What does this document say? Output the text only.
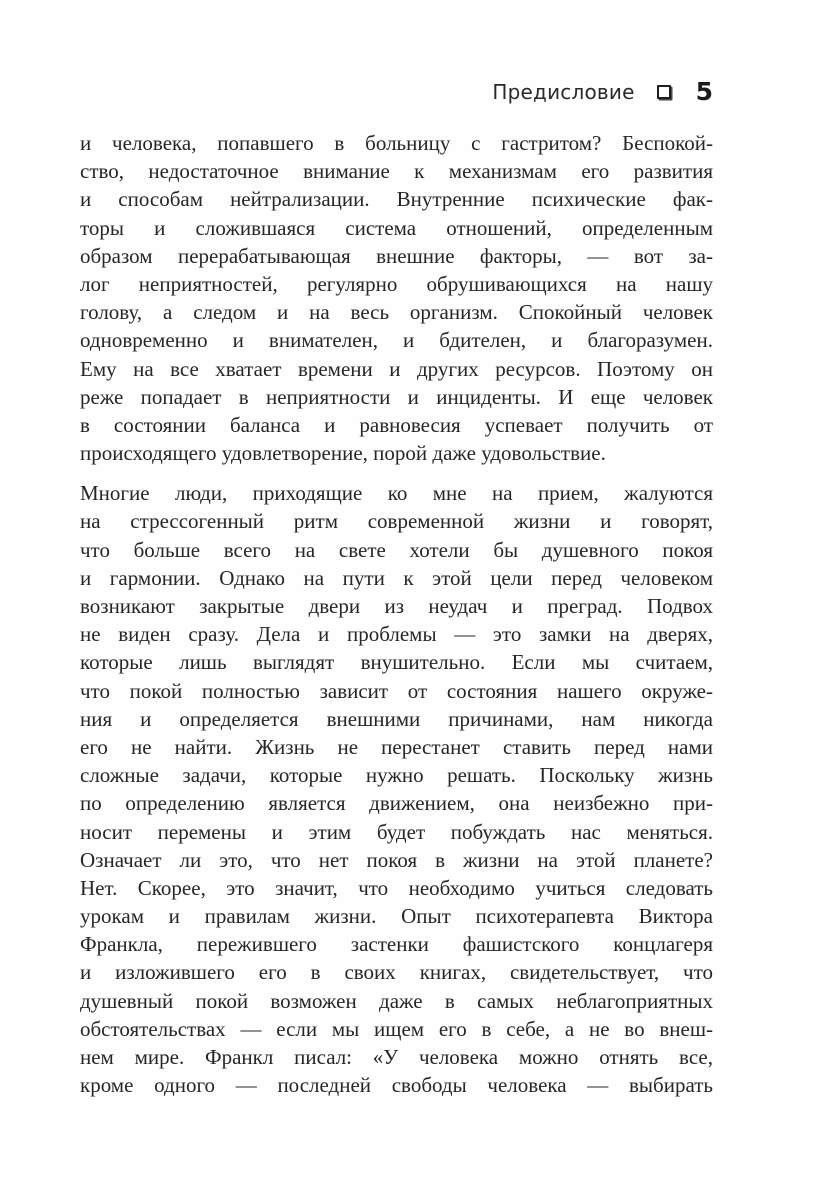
Предисловие 5
и человека, попавшего в больницу с гастритом? Беспокой-
ство, недостаточное внимание к механизмам его развития
и способам нейтрализации. Внутренние психические фак-
торы и сложившаяся система отношений, определенным
образом перерабатывающая внешние факторы, — вот за-
лог неприятностей, регулярно обрушивающихся на нашу
голову, а следом и на весь организм. Спокойный человек
одновременно и внимателен, и бдителен, и благоразумен.
Ему на все хватает времени и других ресурсов. Поэтому он
реже попадает в неприятности и инциденты. И еще человек
в состоянии баланса и равновесия успевает получить от
происходящего удовлетворение, порой даже удовольствие.
Многие люди, приходящие ко мне на прием, жалуются
на стрессогенный ритм современной жизни и говорят,
что больше всего на свете хотели бы душевного покоя
и гармонии. Однако на пути к этой цели перед человеком
возникают закрытые двери из неудач и преград. Подвох
не виден сразу. Дела и проблемы — это замки на дверях,
которые лишь выглядят внушительно. Если мы считаем,
что покой полностью зависит от состояния нашего окруже-
ния и определяется внешними причинами, нам никогда
его не найти. Жизнь не перестанет ставить перед нами
сложные задачи, которые нужно решать. Поскольку жизнь
по определению является движением, она неизбежно при-
носит перемены и этим будет побуждать нас меняться.
Означает ли это, что нет покоя в жизни на этой планете?
Нет. Скорее, это значит, что необходимо учиться следовать
урокам и правилам жизни. Опыт психотерапевта Виктора
Франкла, пережившего застенки фашистского концлагеря
и изложившего его в своих книгах, свидетельствует, что
душевный покой возможен даже в самых неблагоприятных
обстоятельствах — если мы ищем его в себе, а не во внеш-
нем мире. Франкл писал: «У человека можно отнять все,
кроме одного — последней свободы человека — выбирать
